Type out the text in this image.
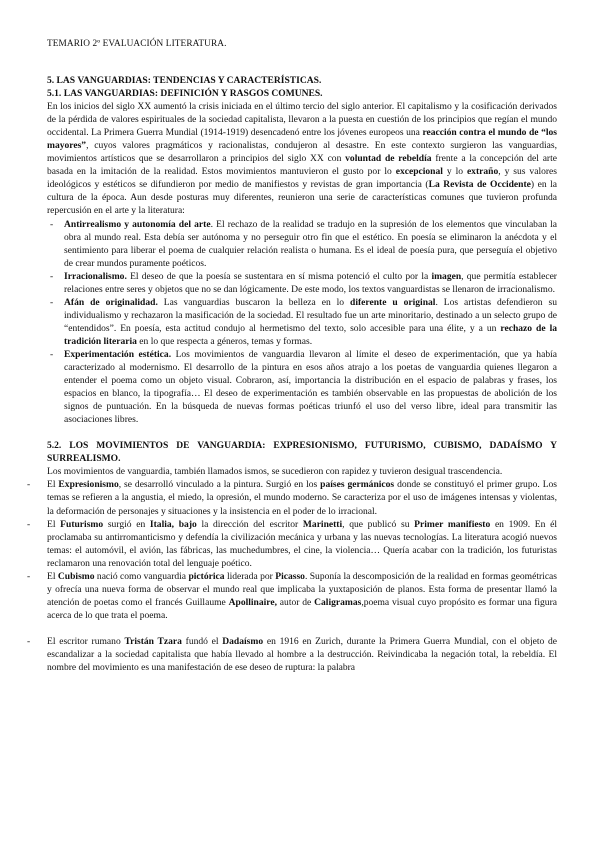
TEMARIO 2º EVALUACIÓN LITERATURA.

5. LAS VANGUARDIAS: TENDENCIAS Y CARACTERÍSTICAS.

5.1. LAS VANGUARDIAS: DEFINICIÓN Y RASGOS COMUNES.

En los inicios del siglo XX aumentó la crisis iniciada en el último tercio del siglo anterior. El capitalismo y la cosificación derivados de la pérdida de valores espirituales de la sociedad capitalista, llevaron a la puesta en cuestión de los principios que regían el mundo occidental. La Primera Guerra Mundial (1914-1919) desencadenó entre los jóvenes europeos una reacción contra el mundo de “los mayores”, cuyos valores pragmáticos y racionalistas, condujeron al desastre. En este contexto surgieron las vanguardias, movimientos artísticos que se desarrollaron a principios del siglo XX con voluntad de rebeldía frente a la concepción del arte basada en la imitación de la realidad. Estos movimientos mantuvieron el gusto por lo excepcional y lo extraño, y sus valores ideológicos y estéticos se difundieron por medio de manifiestos y revistas de gran importancia (La Revista de Occidente) en la cultura de la época. Aun desde posturas muy diferentes, reunieron una serie de características comunes que tuvieron profunda repercusión en el arte y la literatura:

- Antirrealismo y autonomía del arte. El rechazo de la realidad se tradujo en la supresión de los elementos que vinculaban la obra al mundo real. Esta debía ser autónoma y no perseguir otro fin que el estético. En poesía se eliminaron la anécdota y el sentimiento para liberar el poema de cualquier relación realista o humana. Es el ideal de poesía pura, que perseguía el objetivo de crear mundos puramente poéticos.
- Irracionalismo. El deseo de que la poesía se sustentara en sí misma potenció el culto por la imagen, que permitía establecer relaciones entre seres y objetos que no se dan lógicamente. De este modo, los textos vanguardistas se llenaron de irracionalismo.
- Afán de originalidad. Las vanguardias buscaron la belleza en lo diferente u original. Los artistas defendieron su individualismo y rechazaron la masificación de la sociedad. El resultado fue un arte minoritario, destinado a un selecto grupo de “entendidos”. En poesía, esta actitud condujo al hermetismo del texto, solo accesible para una élite, y a un rechazo de la tradición literaria en lo que respecta a géneros, temas y formas.
- Experimentación estética. Los movimientos de vanguardia llevaron al límite el deseo de experimentación, que ya había caracterizado al modernismo. El desarrollo de la pintura en esos años atrajo a los poetas de vanguardia quienes llegaron a entender el poema como un objeto visual. Cobraron, así, importancia la distribución en el espacio de palabras y frases, los espacios en blanco, la tipografía… El deseo de experimentación es también observable en las propuestas de abolición de los signos de puntuación. En la búsqueda de nuevas formas poéticas triunfó el uso del verso libre, ideal para transmitir las asociaciones libres.

5.2. LOS MOVIMIENTOS DE VANGUARDIA: EXPRESIONISMO, FUTURISMO, CUBISMO, DADAÍSMO Y SURREALISMO.

Los movimientos de vanguardia, también llamados ismos, se sucedieron con rapidez y tuvieron desigual trascendencia.

- El Expresionismo, se desarrolló vinculado a la pintura. Surgió en los países germánicos donde se constituyó el primer grupo. Los temas se refieren a la angustia, el miedo, la opresión, el mundo moderno. Se caracteriza por el uso de imágenes intensas y violentas, la deformación de personajes y situaciones y la insistencia en el poder de lo irracional.
- El Futurismo surgió en Italia, bajo la dirección del escritor Marinetti, que publicó su Primer manifiesto en 1909. En él proclamaba su antirromanticismo y defendía la civilización mecánica y urbana y las nuevas tecnologías. La literatura acogió nuevos temas: el automóvil, el avión, las fábricas, las muchedumbres, el cine, la violencia… Quería acabar con la tradición, los futuristas reclamaron una renovación total del lenguaje poético.
- El Cubismo nació como vanguardia pictórica liderada por Picasso. Suponía la descomposición de la realidad en formas geométricas y ofrecía una nueva forma de observar el mundo real que implicaba la yuxtaposición de planos. Esta forma de presentar llamó la atención de poetas como el francés Guillaume Apollinaire, autor de Caligramas,poema visual cuyo propósito es formar una figura acerca de lo que trata el poema.
- El escritor rumano Tristán Tzara fundó el Dadaísmo en 1916 en Zurich, durante la Primera Guerra Mundial, con el objeto de escandalizar a la sociedad capitalista que había llevado al hombre a la destrucción. Reivindicaba la negación total, la rebeldía. El nombre del movimiento es una manifestación de ese deseo de ruptura: la palabra
